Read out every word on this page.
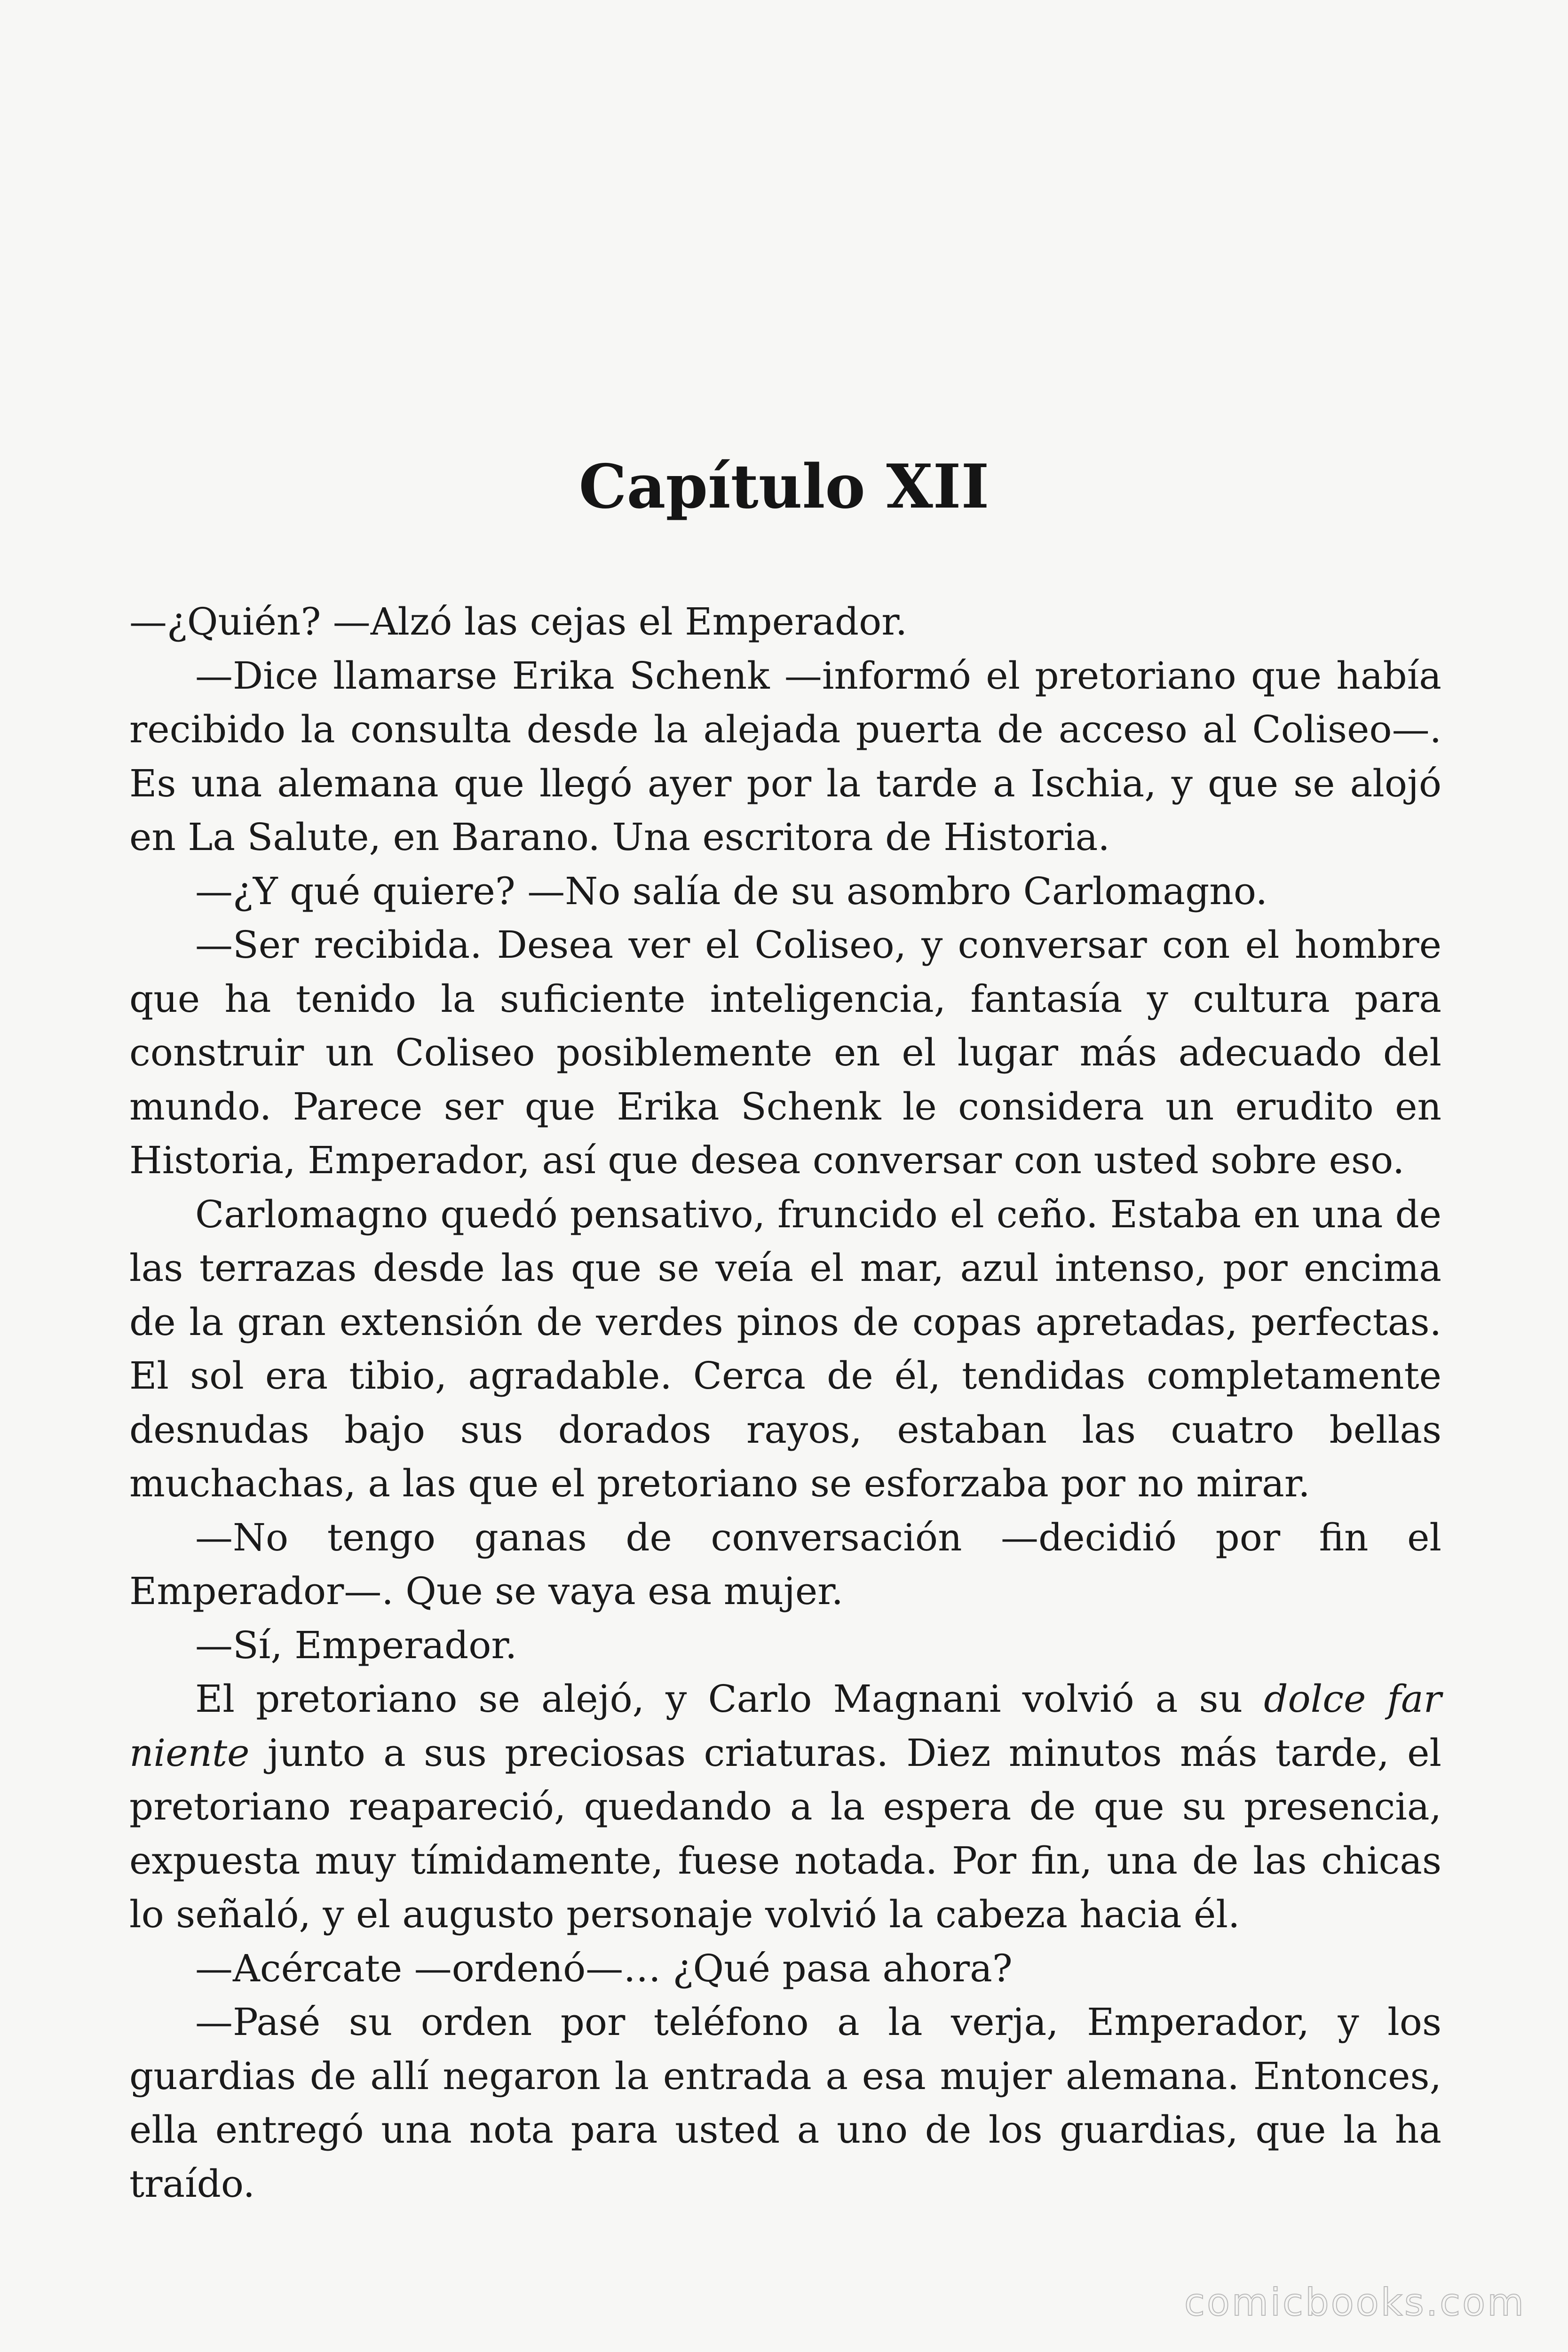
Capítulo XII

—¿Quién? —Alzó las cejas el Emperador.

—Dice llamarse Erika Schenk —informó el pretoriano que había recibido la consulta desde la alejada puerta de acceso al Coliseo—. Es una alemana que llegó ayer por la tarde a Ischia, y que se alojó en La Salute, en Barano. Una escritora de Historia.

—¿Y qué quiere? —No salía de su asombro Carlomagno.

—Ser recibida. Desea ver el Coliseo, y conversar con el hombre que ha tenido la suficiente inteligencia, fantasía y cultura para construir un Coliseo posiblemente en el lugar más adecuado del mundo. Parece ser que Erika Schenk le considera un erudito en Historia, Emperador, así que desea conversar con usted sobre eso.

Carlomagno quedó pensativo, fruncido el ceño. Estaba en una de las terrazas desde las que se veía el mar, azul intenso, por encima de la gran extensión de verdes pinos de copas apretadas, perfectas. El sol era tibio, agradable. Cerca de él, tendidas completamente desnudas bajo sus dorados rayos, estaban las cuatro bellas muchachas, a las que el pretoriano se esforzaba por no mirar.

—No tengo ganas de conversación —decidió por fin el Emperador—. Que se vaya esa mujer.

—Sí, Emperador.

El pretoriano se alejó, y Carlo Magnani volvió a su dolce far niente junto a sus preciosas criaturas. Diez minutos más tarde, el pretoriano reapareció, quedando a la espera de que su presencia, expuesta muy tímidamente, fuese notada. Por fin, una de las chicas lo señaló, y el augusto personaje volvió la cabeza hacia él.

—Acércate —ordenó—… ¿Qué pasa ahora?

—Pasé su orden por teléfono a la verja, Emperador, y los guardias de allí negaron la entrada a esa mujer alemana. Entonces, ella entregó una nota para usted a uno de los guardias, que la ha traído.

comicbooks.com
